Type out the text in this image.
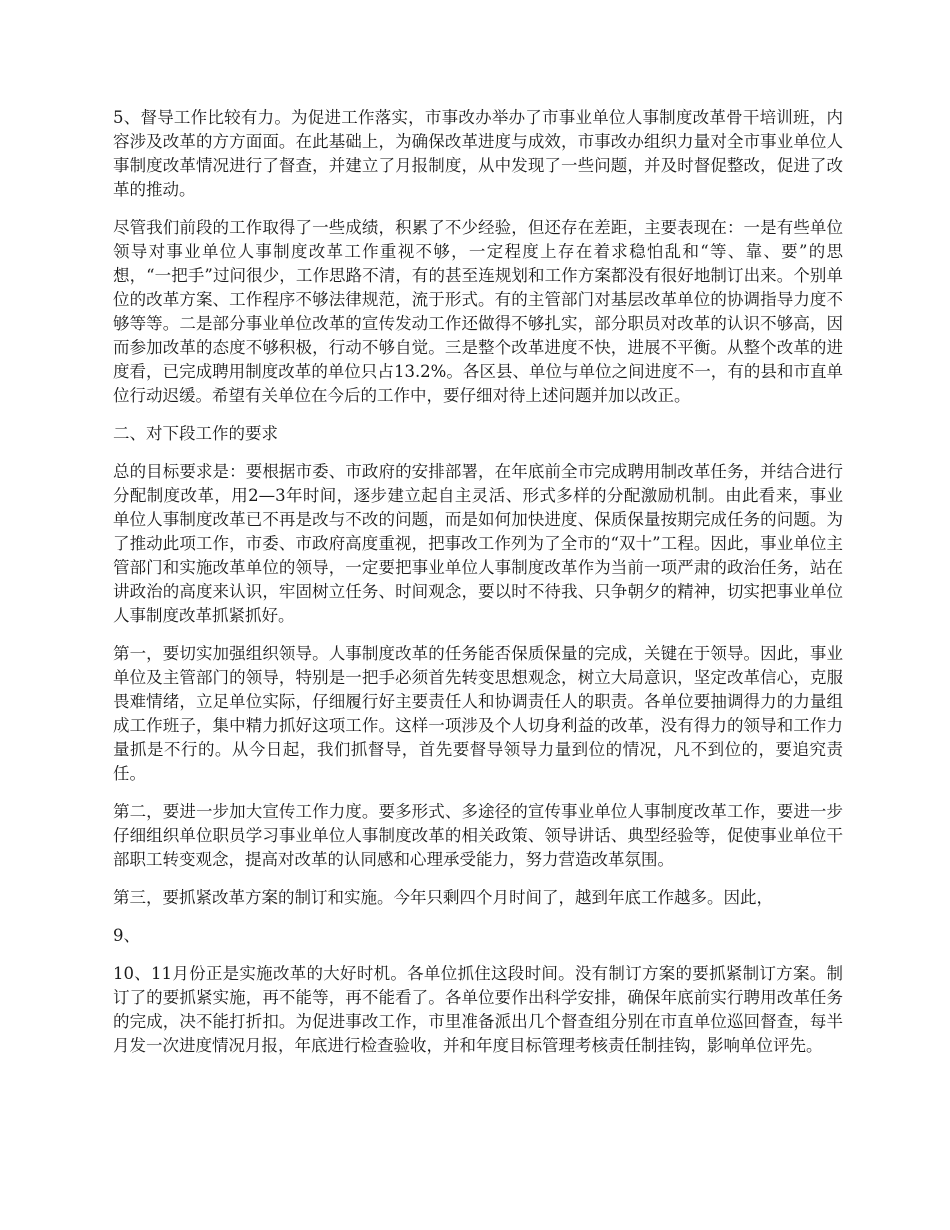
5、督导工作比较有力。为促进工作落实，市事改办举办了市事业单位人事制度改革骨干培训班，内容涉及改革的方方面面。在此基础上，为确保改革进度与成效，市事改办组织力量对全市事业单位人事制度改革情况进行了督查，并建立了月报制度，从中发现了一些问题，并及时督促整改，促进了改革的推动。

尽管我们前段的工作取得了一些成绩，积累了不少经验，但还存在差距，主要表现在：一是有些单位领导对事业单位人事制度改革工作重视不够，一定程度上存在着求稳怕乱和“等、靠、要”的思想，“一把手”过问很少，工作思路不清，有的甚至连规划和工作方案都没有很好地制订出来。个别单位的改革方案、工作程序不够法律规范，流于形式。有的主管部门对基层改革单位的协调指导力度不够等等。二是部分事业单位改革的宣传发动工作还做得不够扎实，部分职员对改革的认识不够高，因而参加改革的态度不够积极，行动不够自觉。三是整个改革进度不快，进展不平衡。从整个改革的进度看，已完成聘用制度改革的单位只占13.2%。各区县、单位与单位之间进度不一，有的县和市直单位行动迟缓。希望有关单位在今后的工作中，要仔细对待上述问题并加以改正。

二、对下段工作的要求

总的目标要求是：要根据市委、市政府的安排部署，在年底前全市完成聘用制改革任务，并结合进行分配制度改革，用2—3年时间，逐步建立起自主灵活、形式多样的分配激励机制。由此看来，事业单位人事制度改革已不再是改与不改的问题，而是如何加快进度、保质保量按期完成任务的问题。为了推动此项工作，市委、市政府高度重视，把事改工作列为了全市的“双十”工程。因此，事业单位主管部门和实施改革单位的领导，一定要把事业单位人事制度改革作为当前一项严肃的政治任务，站在讲政治的高度来认识，牢固树立任务、时间观念，要以时不待我、只争朝夕的精神，切实把事业单位人事制度改革抓紧抓好。

第一，要切实加强组织领导。人事制度改革的任务能否保质保量的完成，关键在于领导。因此，事业单位及主管部门的领导，特别是一把手必须首先转变思想观念，树立大局意识，坚定改革信心，克服畏难情绪，立足单位实际，仔细履行好主要责任人和协调责任人的职责。各单位要抽调得力的力量组成工作班子，集中精力抓好这项工作。这样一项涉及个人切身利益的改革，没有得力的领导和工作力量抓是不行的。从今日起，我们抓督导，首先要督导领导力量到位的情况，凡不到位的，要追究责任。

第二，要进一步加大宣传工作力度。要多形式、多途径的宣传事业单位人事制度改革工作，要进一步仔细组织单位职员学习事业单位人事制度改革的相关政策、领导讲话、典型经验等，促使事业单位干部职工转变观念，提高对改革的认同感和心理承受能力，努力营造改革氛围。

第三，要抓紧改革方案的制订和实施。今年只剩四个月时间了，越到年底工作越多。因此，

9、

10、11月份正是实施改革的大好时机。各单位抓住这段时间。没有制订方案的要抓紧制订方案。制订了的要抓紧实施，再不能等，再不能看了。各单位要作出科学安排，确保年底前实行聘用改革任务的完成，决不能打折扣。为促进事改工作，市里准备派出几个督查组分别在市直单位巡回督查，每半月发一次进度情况月报，年底进行检查验收，并和年度目标管理考核责任制挂钩，影响单位评先。
